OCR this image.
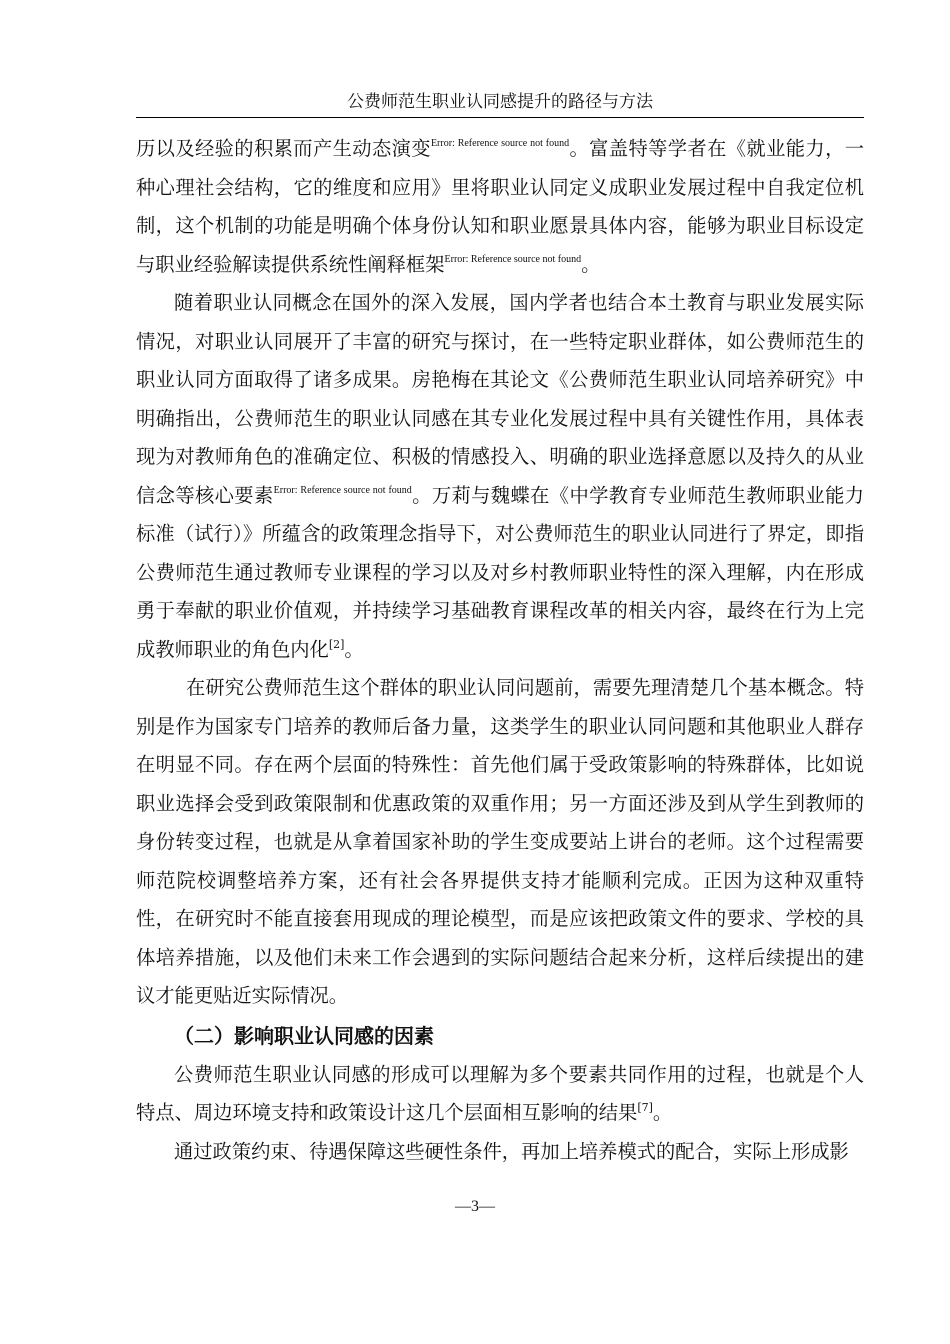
公费师范生职业认同感提升的路径与方法

历以及经验的积累而产生动态演变$^{Error: Reference source not found}$。富盖特等学者在《就业能力，一种心理社会结构，它的维度和应用》里将职业认同定义成职业发展过程中自我定位机制，这个机制的功能是明确个体身份认知和职业愿景具体内容，能够为职业目标设定与职业经验解读提供系统性阐释框架$^{Error: Reference source not found}$。

随着职业认同概念在国外的深入发展，国内学者也结合本土教育与职业发展实际情况，对职业认同展开了丰富的研究与探讨，在一些特定职业群体，如公费师范生的职业认同方面取得了诸多成果。房艳梅在其论文《公费师范生职业认同培养研究》中明确指出，公费师范生的职业认同感在其专业化发展过程中具有关键性作用，具体表现为对教师角色的准确定位、积极的情感投入、明确的职业选择意愿以及持久的从业信念等核心要素$^{Error: Reference source not found}$。万莉与魏蝶在《中学教育专业师范生教师职业能力标准（试行）》所蕴含的政策理念指导下，对公费师范生的职业认同进行了界定，即指公费师范生通过教师专业课程的学习以及对乡村教师职业特性的深入理解，内在形成勇于奉献的职业价值观，并持续学习基础教育课程改革的相关内容，最终在行为上完成教师职业的角色内化[2]。

在研究公费师范生这个群体的职业认同问题前，需要先理清楚几个基本概念。特别是作为国家专门培养的教师后备力量，这类学生的职业认同问题和其他职业人群存在明显不同。存在两个层面的特殊性：首先他们属于受政策影响的特殊群体，比如说职业选择会受到政策限制和优惠政策的双重作用；另一方面还涉及到从学生到教师的身份转变过程，也就是从拿着国家补助的学生变成要站上讲台的老师。这个过程需要师范院校调整培养方案，还有社会各界提供支持才能顺利完成。正因为这种双重特性，在研究时不能直接套用现成的理论模型，而是应该把政策文件的要求、学校的具体培养措施，以及他们未来工作会遇到的实际问题结合起来分析，这样后续提出的建议才能更贴近实际情况。

（二）影响职业认同感的因素

公费师范生职业认同感的形成可以理解为多个要素共同作用的过程，也就是个人特点、周边环境支持和政策设计这几个层面相互影响的结果[7]。

通过政策约束、待遇保障这些硬性条件，再加上培养模式的配合，实际上形成影

—3—
